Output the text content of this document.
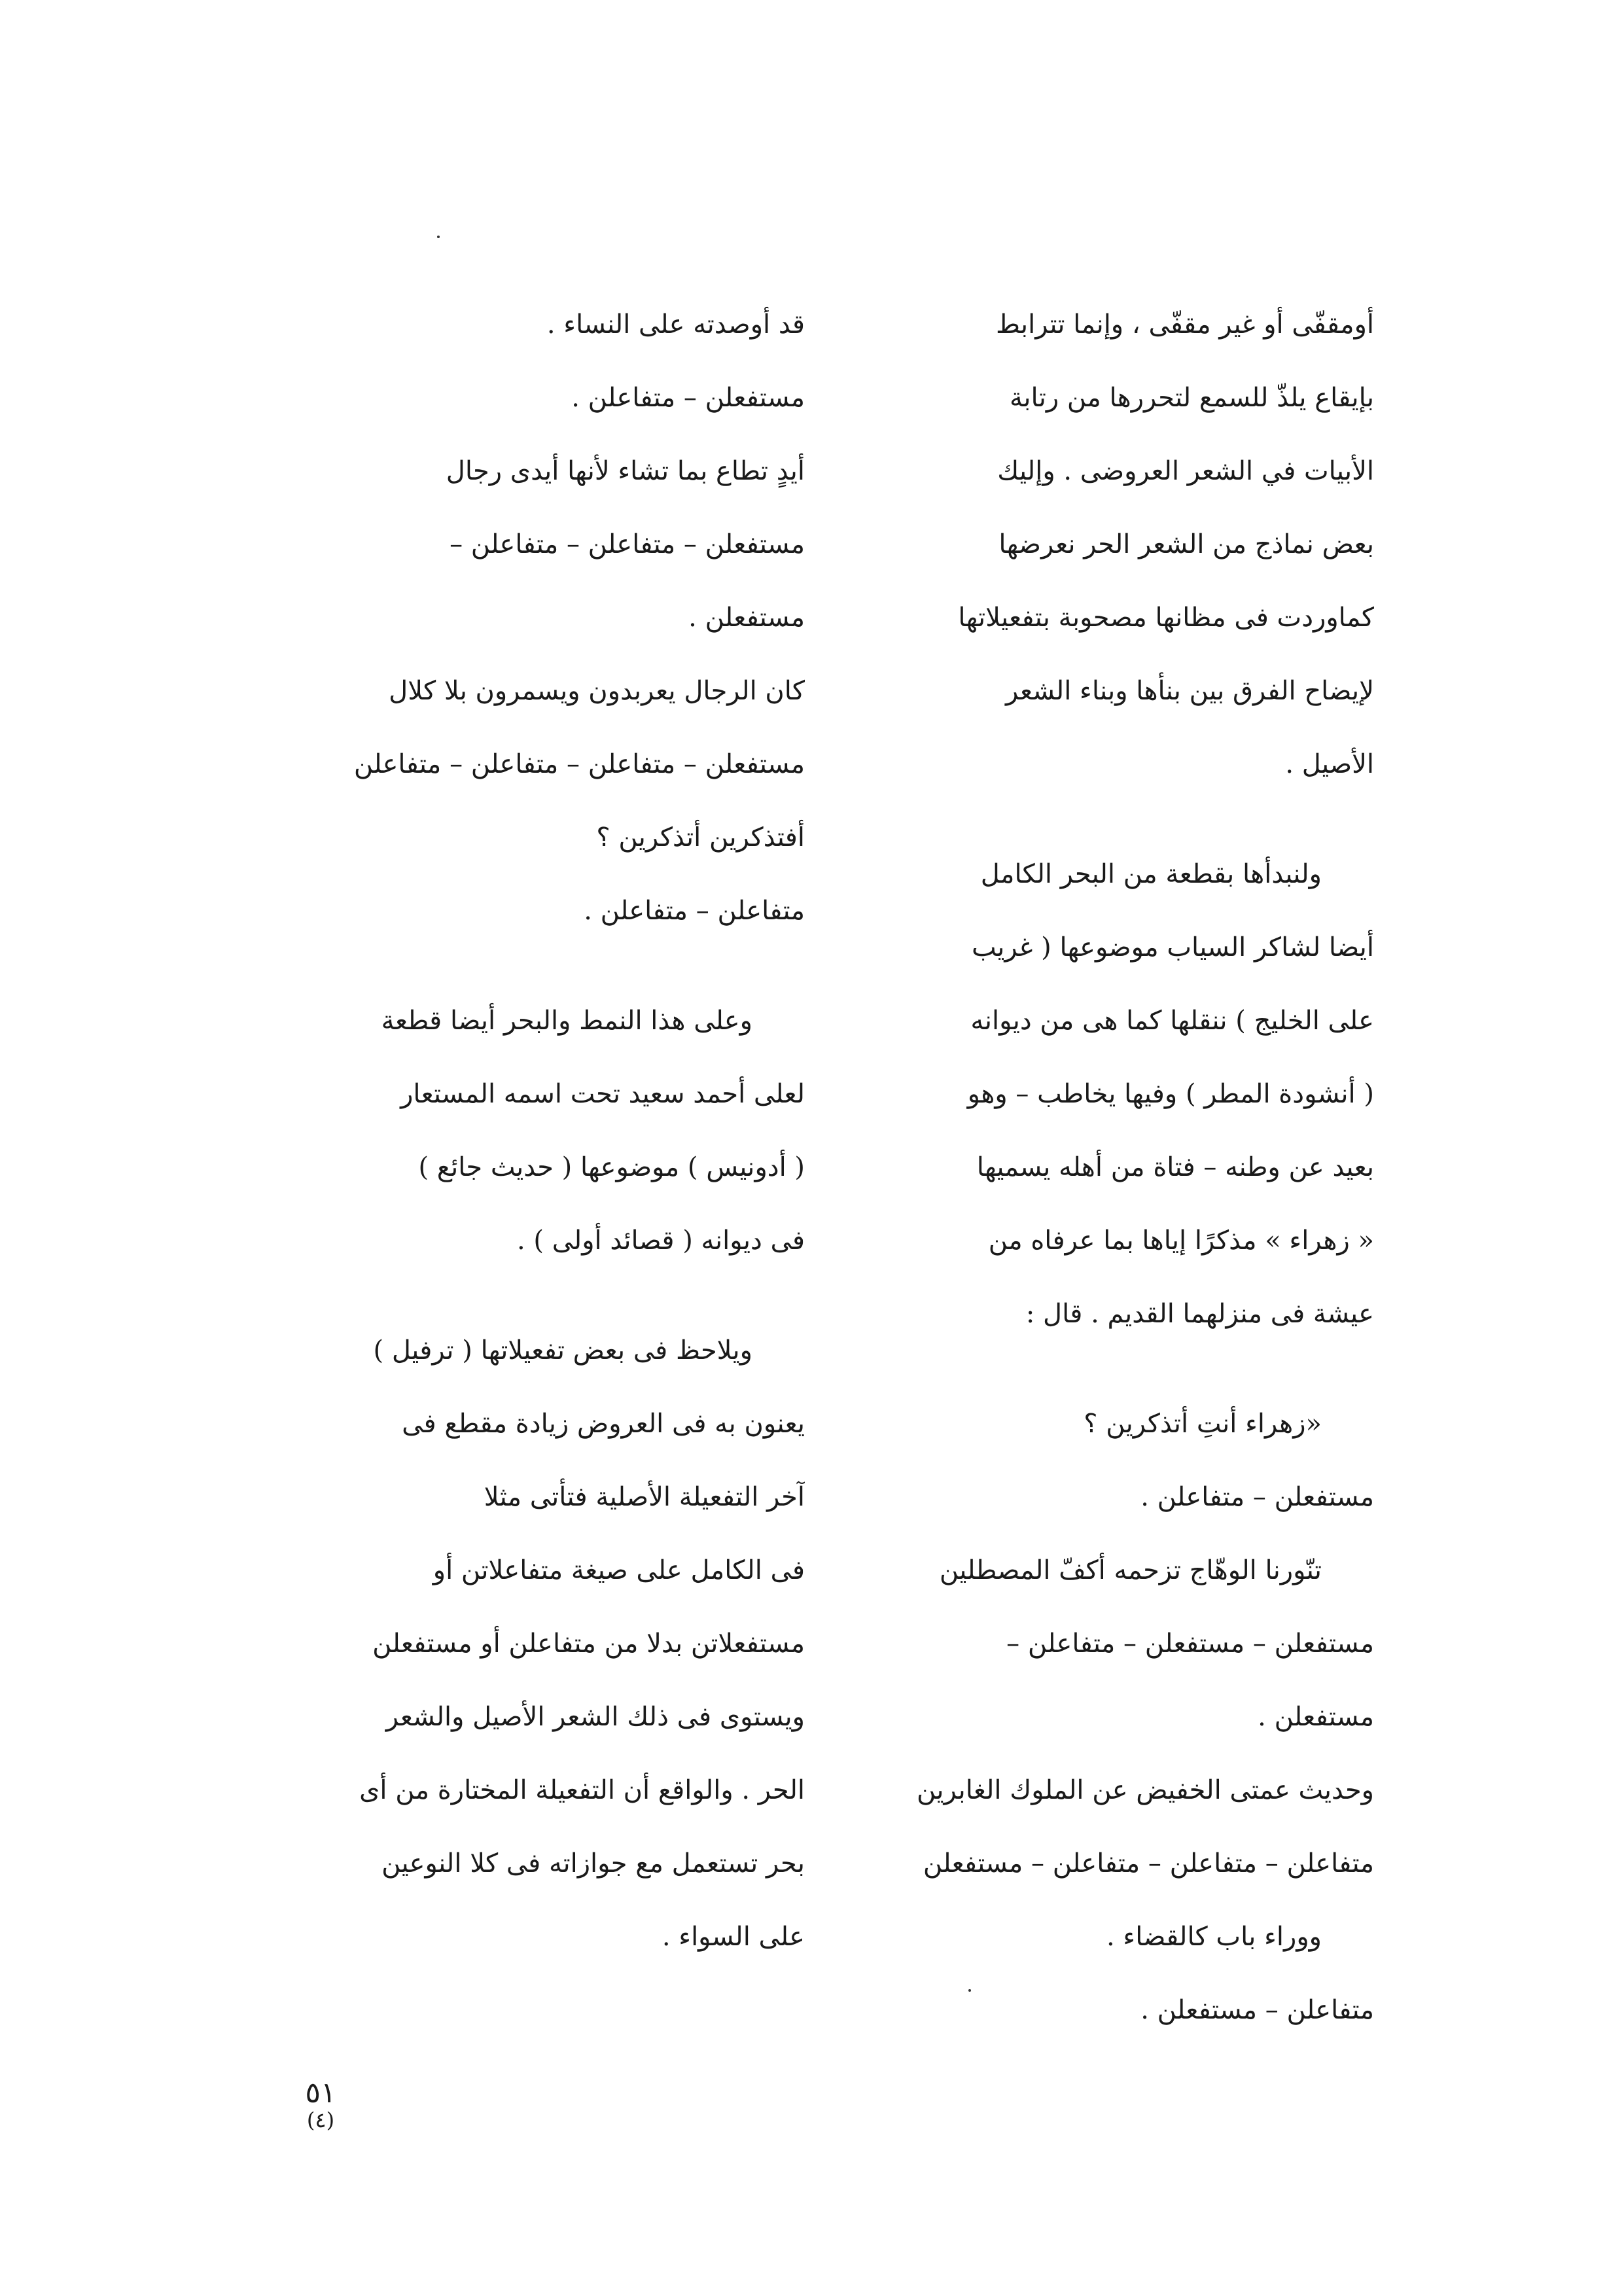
أومقفّى أو غير مقفّى ، وإنما تترابط
بإيقاع يلذّ للسمع لتحررها من رتابة
الأبيات في الشعر العروضى . وإليك
بعض نماذج من الشعر الحر نعرضها
كماوردت فى مظانها مصحوبة بتفعيلاتها
لإيضاح الفرق بين بنأها وبناء الشعر
الأصيل .
ولنبدأها بقطعة من البحر الكامل
أيضا لشاكر السياب موضوعها ( غريب
على الخليج ) ننقلها كما هى من ديوانه
( أنشودة المطر ) وفيها يخاطب – وهو
بعيد عن وطنه – فتاة من أهله يسميها
« زهراء » مذكرًا إياها بما عرفاه من
عيشة فى منزلهما القديم . قال :
«زهراء أنتِ أتذكرين ؟
مستفعلن – متفاعلن .
تنّورنا الوهّاج تزحمه أكفّ المصطلين
مستفعلن – مستفعلن – متفاعلن –
مستفعلن .
وحديث عمتى الخفيض عن الملوك الغابرين
متفاعلن – متفاعلن – متفاعلن – مستفعلن
ووراء باب كالقضاء .
متفاعلن – مستفعلن .
قد أوصدته على النساء .
مستفعلن – متفاعلن .
أيدٍ تطاع بما تشاء لأنها أيدى رجال
مستفعلن – متفاعلن – متفاعلن –
مستفعلن .
كان الرجال يعربدون ويسمرون بلا كلال
مستفعلن – متفاعلن – متفاعلن – متفاعلن
أفتذكرين أتذكرين ؟
متفاعلن – متفاعلن .
وعلى هذا النمط والبحر أيضا قطعة
لعلى أحمد سعيد تحت اسمه المستعار
( أدونيس ) موضوعها ( حديث جائع )
فى ديوانه ( قصائد أولى ) .
ويلاحظ فى بعض تفعيلاتها ( ترفيل )
يعنون به فى العروض زيادة مقطع فى
آخر التفعيلة الأصلية فتأتى مثلا
فى الكامل على صيغة متفاعلاتن أو
مستفعلاتن بدلا من متفاعلن أو مستفعلن
ويستوى فى ذلك الشعر الأصيل والشعر
الحر . والواقع أن التفعيلة المختارة من أى
بحر تستعمل مع جوازاته فى كلا النوعين
على السواء .
٥١
(٤)
